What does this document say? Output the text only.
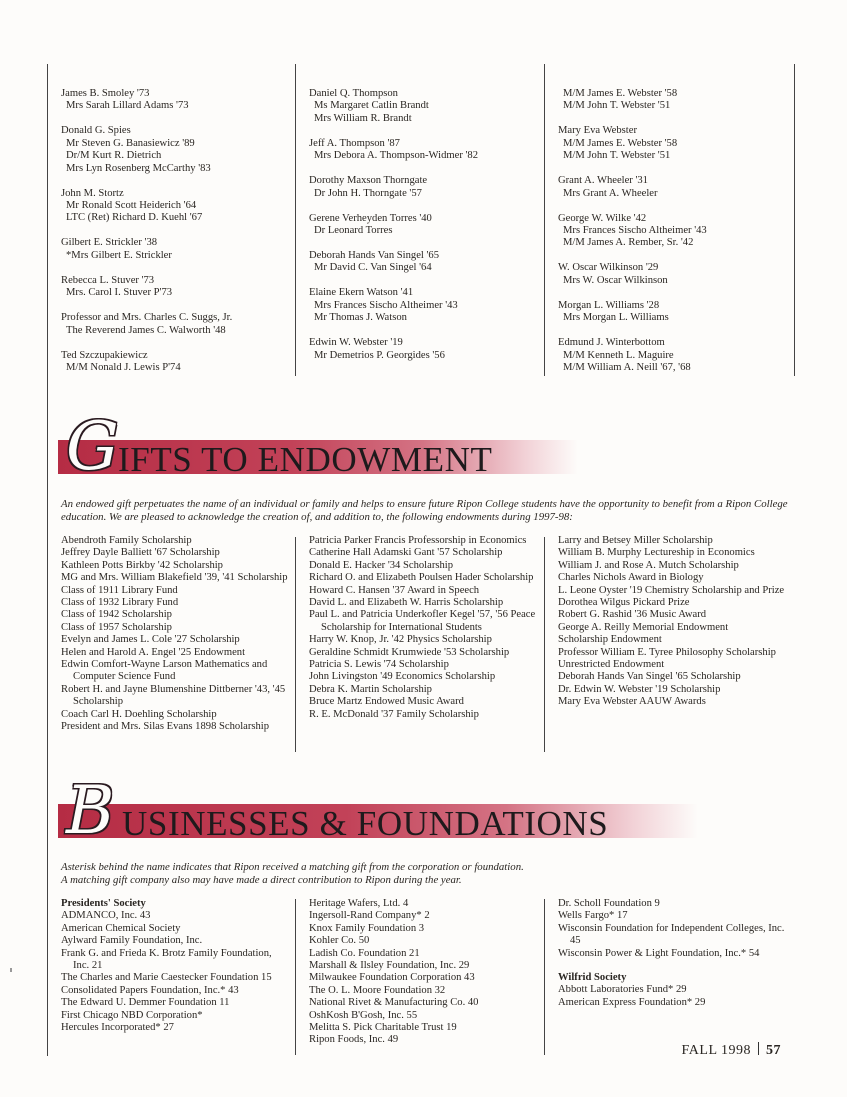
James B. Smoley '73
Mrs Sarah Lillard Adams '73
Donald G. Spies
Mr Steven G. Banasiewicz '89
Dr/M Kurt R. Dietrich
Mrs Lyn Rosenberg McCarthy '83
John M. Stortz
Mr Ronald Scott Heiderich '64
LTC (Ret) Richard D. Kuehl '67
Gilbert E. Strickler '38
*Mrs Gilbert E. Strickler
Rebecca L. Stuver '73
Mrs. Carol I. Stuver P'73
Professor and Mrs. Charles C. Suggs, Jr.
The Reverend James C. Walworth '48
Ted Szczupakiewicz
M/M Nonald J. Lewis P'74
Daniel Q. Thompson
Ms Margaret Catlin Brandt
Mrs William R. Brandt
Jeff A. Thompson '87
Mrs Debora A. Thompson-Widmer '82
Dorothy Maxson Thorngate
Dr John H. Thorngate '57
Gerene Verheyden Torres '40
Dr Leonard Torres
Deborah Hands Van Singel '65
Mr David C. Van Singel '64
Elaine Ekern Watson '41
Mrs Frances Sischo Altheimer '43
Mr Thomas J. Watson
Edwin W. Webster '19
Mr Demetrios P. Georgides '56
M/M James E. Webster '58
M/M John T. Webster '51
Mary Eva Webster
M/M James E. Webster '58
M/M John T. Webster '51
Grant A. Wheeler '31
Mrs Grant A. Wheeler
George W. Wilke '42
Mrs Frances Sischo Altheimer '43
M/M James A. Rember, Sr. '42
W. Oscar Wilkinson '29
Mrs W. Oscar Wilkinson
Morgan L. Williams '28
Mrs Morgan L. Williams
Edmund J. Winterbottom
M/M Kenneth L. Maguire
M/M William A. Neill '67, '68
G IFTS TO ENDOWMENT
An endowed gift perpetuates the name of an individual or family and helps to ensure future Ripon College students have the opportunity to benefit from a Ripon College education. We are pleased to acknowledge the creation of, and addition to, the following endowments during 1997-98:
Abendroth Family Scholarship
Jeffrey Dayle Balliett '67 Scholarship
Kathleen Potts Birkby '42 Scholarship
MG and Mrs. William Blakefield '39, '41 Scholarship
Class of 1911 Library Fund
Class of 1932 Library Fund
Class of 1942 Scholarship
Class of 1957 Scholarship
Evelyn and James L. Cole '27 Scholarship
Helen and Harold A. Engel '25 Endowment
Edwin Comfort-Wayne Larson Mathematics and Computer Science Fund
Robert H. and Jayne Blumenshine Dittberner '43, '45 Scholarship
Coach Carl H. Doehling Scholarship
President and Mrs. Silas Evans 1898 Scholarship
Patricia Parker Francis Professorship in Economics
Catherine Hall Adamski Gant '57 Scholarship
Donald E. Hacker '34 Scholarship
Richard O. and Elizabeth Poulsen Hader Scholarship
Howard C. Hansen '37 Award in Speech
David L. and Elizabeth W. Harris Scholarship
Paul L. and Patricia Underkofler Kegel '57, '56 Peace Scholarship for International Students
Harry W. Knop, Jr. '42 Physics Scholarship
Geraldine Schmidt Krumwiede '53 Scholarship
Patricia S. Lewis '74 Scholarship
John Livingston '49 Economics Scholarship
Debra K. Martin Scholarship
Bruce Martz Endowed Music Award
R. E. McDonald '37 Family Scholarship
Larry and Betsey Miller Scholarship
William B. Murphy Lectureship in Economics
William J. and Rose A. Mutch Scholarship
Charles Nichols Award in Biology
L. Leone Oyster '19 Chemistry Scholarship and Prize
Dorothea Wilgus Pickard Prize
Robert G. Rashid '36 Music Award
George A. Reilly Memorial Endowment
Scholarship Endowment
Professor William E. Tyree Philosophy Scholarship
Unrestricted Endowment
Deborah Hands Van Singel '65 Scholarship
Dr. Edwin W. Webster '19 Scholarship
Mary Eva Webster AAUW Awards
B USINESSES & FOUNDATIONS
Asterisk behind the name indicates that Ripon received a matching gift from the corporation or foundation.
A matching gift company also may have made a direct contribution to Ripon during the year.
Presidents' Society
ADMANCO, Inc. 43
American Chemical Society
Aylward Family Foundation, Inc.
Frank G. and Frieda K. Brotz Family Foundation, Inc. 21
The Charles and Marie Caestecker Foundation 15
Consolidated Papers Foundation, Inc.* 43
The Edward U. Demmer Foundation 11
First Chicago NBD Corporation*
Hercules Incorporated* 27
Heritage Wafers, Ltd. 4
Ingersoll-Rand Company* 2
Knox Family Foundation 3
Kohler Co. 50
Ladish Co. Foundation 21
Marshall & Ilsley Foundation, Inc. 29
Milwaukee Foundation Corporation 43
The O. L. Moore Foundation 32
National Rivet & Manufacturing Co. 40
OshKosh B'Gosh, Inc. 55
Melitta S. Pick Charitable Trust 19
Ripon Foods, Inc. 49
Dr. Scholl Foundation 9
Wells Fargo* 17
Wisconsin Foundation for Independent Colleges, Inc. 45
Wisconsin Power & Light Foundation, Inc.* 54
Wilfrid Society
Abbott Laboratories Fund* 29
American Express Foundation* 29
FALL 1998 57
